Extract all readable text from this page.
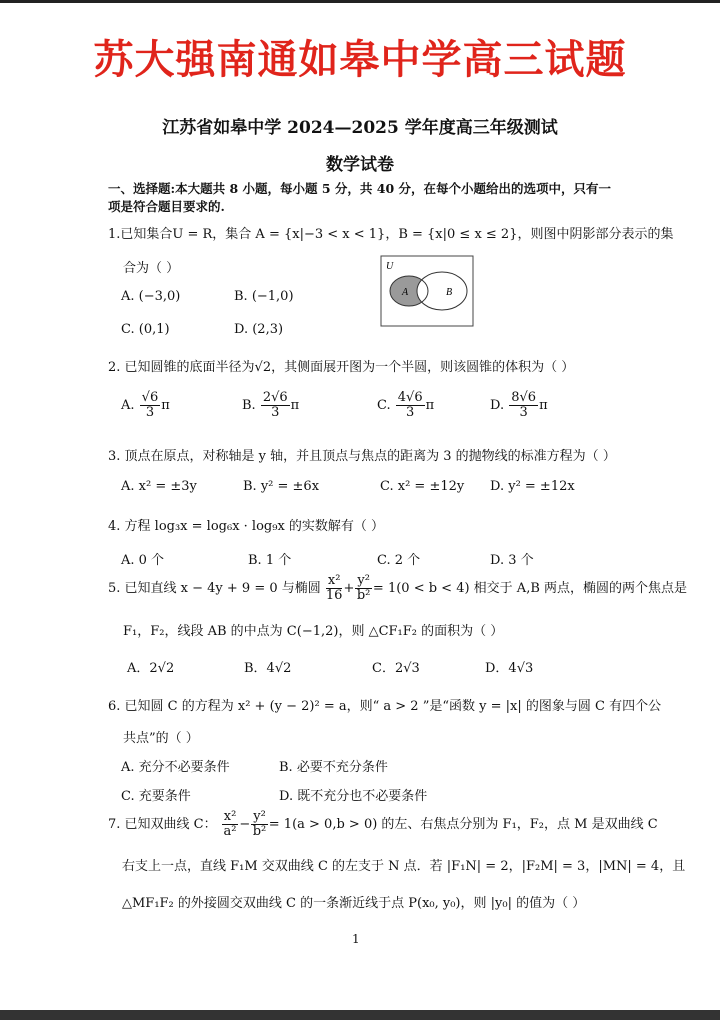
苏大强南通如皋中学高三试题
江苏省如皋中学 2024—2025 学年度高三年级测试
数学试卷
一、选择题:本大题共 8 小题，每小题 5 分，共 40 分，在每个小题给出的选项中，只有一项是符合题目要求的.
1.已知集合U = R，集合 A = {x|−3 < x < 1}，B = {x|0 ≤ x ≤ 2}，则图中阴影部分表示的集
合为（ ）
A. (−3,0)	B. (−1,0)
C. (0,1)	D. (2,3)
U
A	B
2. 已知圆锥的底面半径为√2，其侧面展开图为一个半圆，则该圆锥的体积为（ ）
A. $\frac{√6}{3}$ π	B. $\frac{2√6}{3}$ π	C. $\frac{4√6}{3}$ π	D. $\frac{8√6}{3}$ π
3. 顶点在原点，对称轴是 y 轴，并且顶点与焦点的距离为 3 的抛物线的标准方程为（ ）
A. x² = ±3y	B. y² = ±6x	C. x² = ±12y D. y² = ±12x
4. 方程 log₃x = log₆x · log₉x 的实数解有（ ）
A. 0 个	B. 1 个	C. 2 个	D. 3 个
5. 已知直线 x − 4y + 9 = 0 与椭圆 $\frac{\text{x²}}{16} + \frac{\text{y²}}{\text{b²}} = 1(0 < b < 4)$ 相交于 A,B 两点，椭圆的两个焦点是
F₁，F₂，线段 AB 的中点为 C(−1,2)，则 △CF₁F₂ 的面积为（ ）
A．2√2	B．4√2	C．2√3	D．4√3
6. 已知圆 C 的方程为 x² + (y − 2)² = a，则“ a > 2 ”是“函数 y = |x| 的图象与圆 C 有四个公
共点”的（ ）
A. 充分不必要条件	B. 必要不充分条件
C. 充要条件	D. 既不充分也不必要条件
7. 已知双曲线 C： $\frac{\text{x²}}{\text{a²}} - \frac{\text{y²}}{\text{b²}} = 1(a > 0,b > 0)$ 的左、右焦点分别为 F₁，F₂，点 M 是双曲线 C
右支上一点，直线 F₁M 交双曲线 C 的左支于 N 点．若 |F₁N| = 2，|F₂M| = 3，|MN| = 4，且
△MF₁F₂ 的外接圆交双曲线 C 的一条渐近线于点 P(x₀, y₀)，则 |y₀| 的值为（ ）
1
